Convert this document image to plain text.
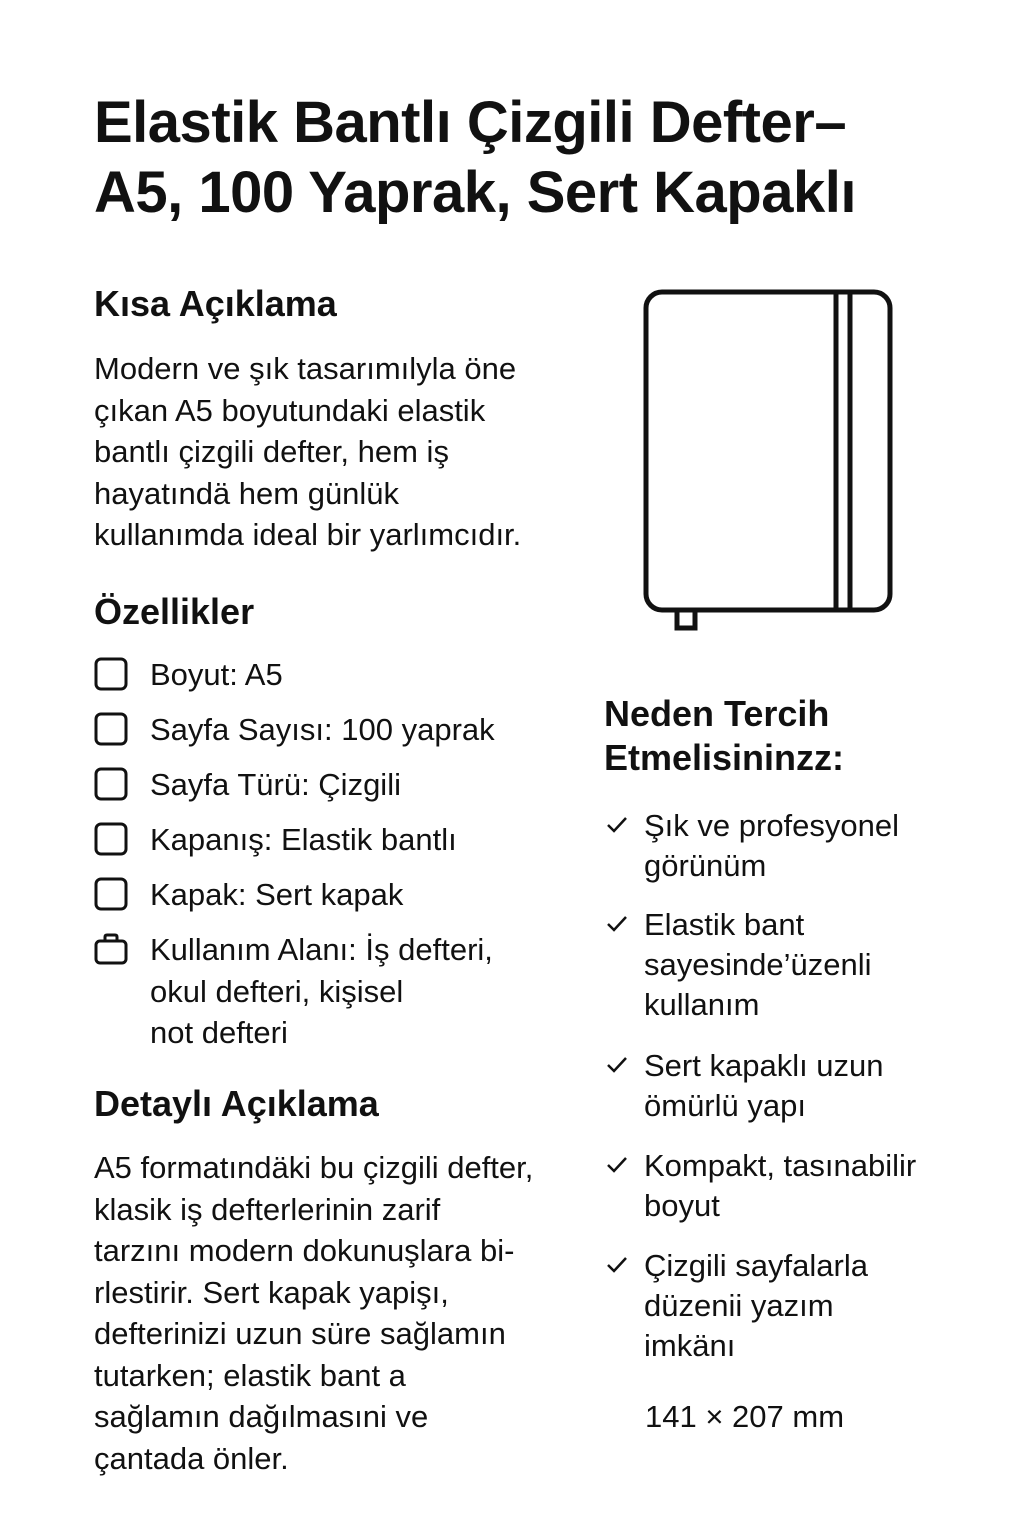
Elastik Bantlı Çizgili Defter–
A5, 100 Yaprak, Sert Kapaklı
Kısa Açıklama

Modern ve şık tasarımılyla öne
çıkan A5 boyutundaki elastik
bantlı çizgili defter, hem iş
hayatındä hem günlük
kullanımda ideal bir yarlımcıdır.

Özellikler
Boyut: A5
Sayfa Sayısı: 100 yaprak
Sayfa Türü: Çizgili
Kapanış: Elastik bantlı
Kapak: Sert kapak
Kullanım Alanı: İş defteri,
okul defteri, kişisel
not defteri
Detaylı Açıklama

A5 formatındäki bu çizgili defter,
klasik iş defterlerinin zarif
tarzını modern dokunuşlara bi-
rlestirir. Sert kapak yapişı,
defterinizi uzun süre sağlamın
tutarken; elastik bant a
sağlamın dağılmasıni ve
çantada önler.

Neden Tercih
Etmelisininzz:
Şık ve profesyonel
görünüm
Elastik bant
sayesinde’üzenli
kullanım
Sert kapaklı uzun
ömürlü yapı
Kompakt, tasınabilir
boyut
Çizgili sayfalarla
düzenii yazım
imkänı
141 × 207 mm
